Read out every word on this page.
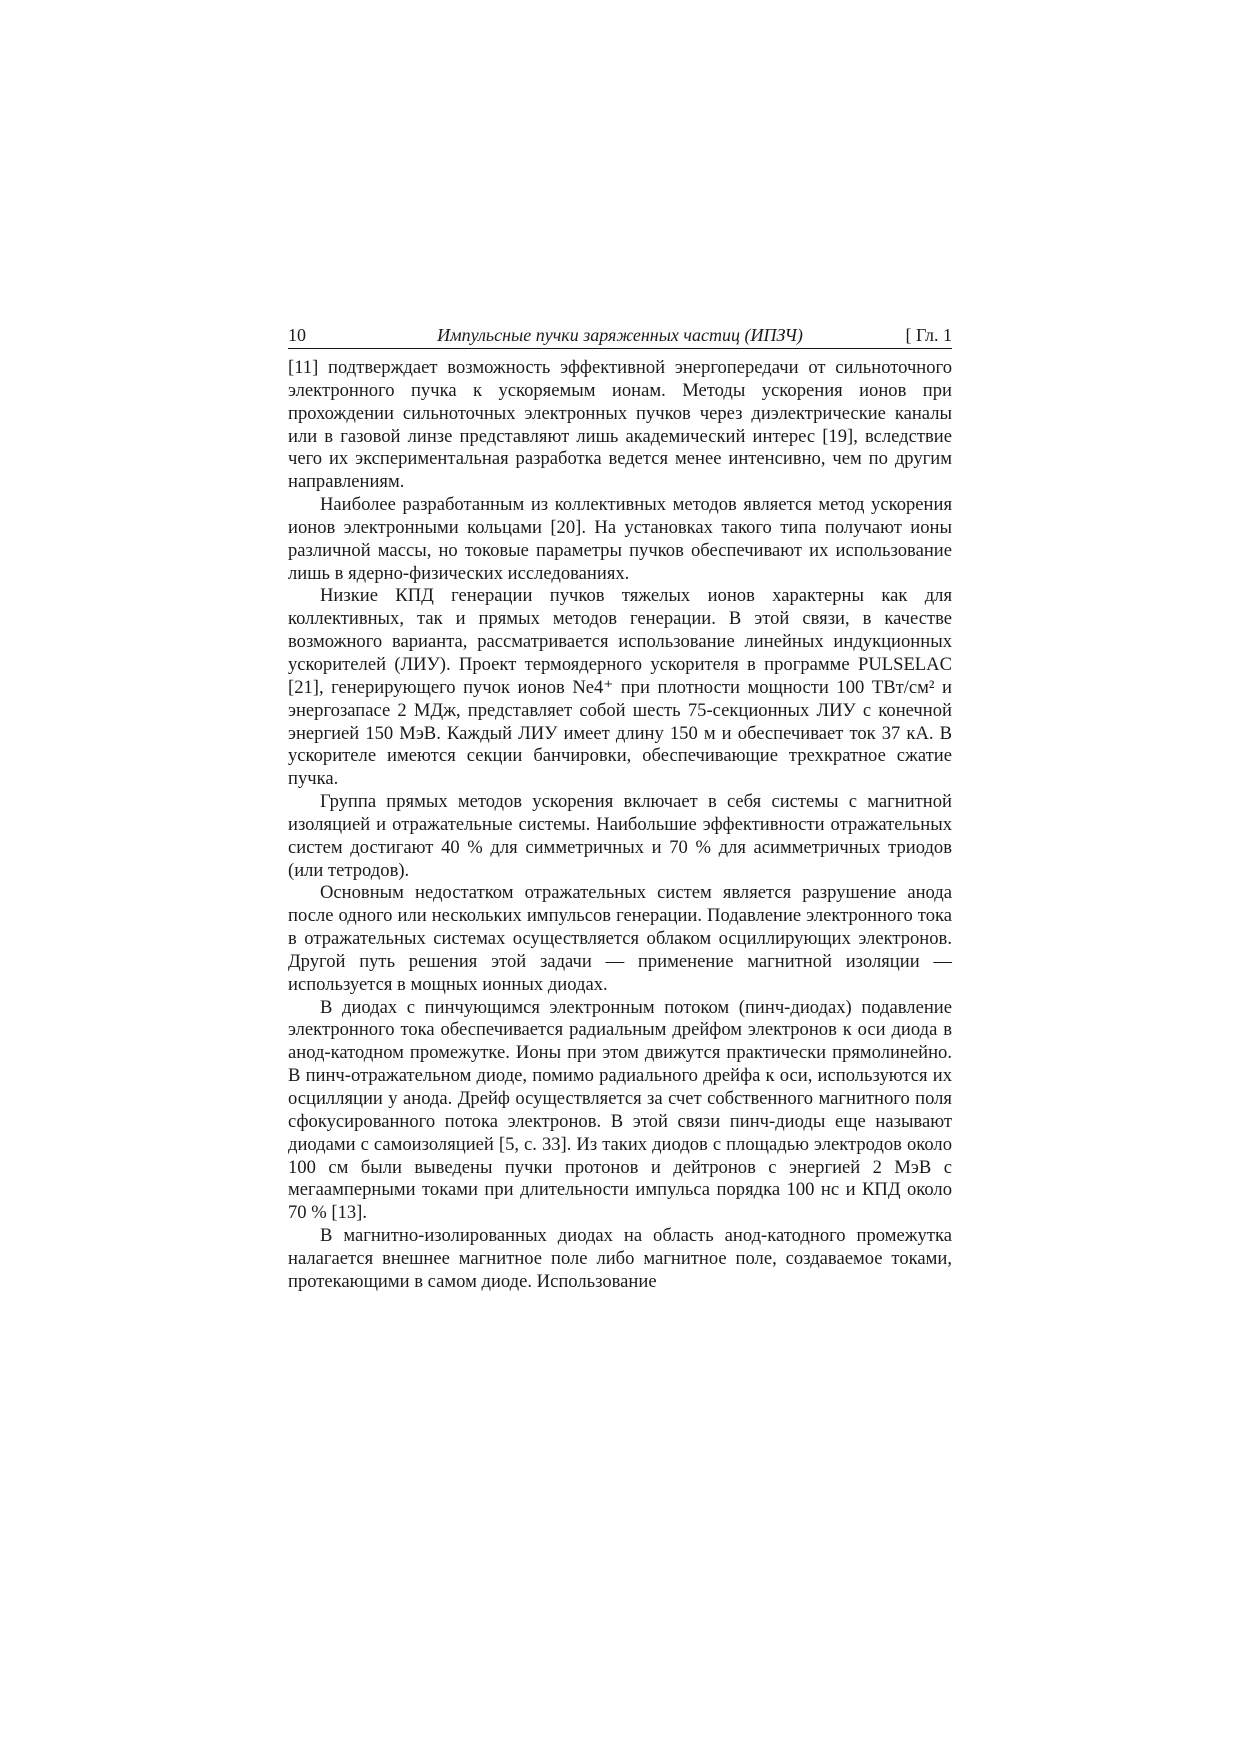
10	Импульсные пучки заряженных частиц (ИПЗЧ)	[ Гл. 1

[11] подтверждает возможность эффективной энергопередачи от сильноточного электронного пучка к ускоряемым ионам. Методы ускорения ионов при прохождении сильноточных электронных пучков через диэлектрические каналы или в газовой линзе представляют лишь академический интерес [19], вследствие чего их экспериментальная разработка ведется менее интенсивно, чем по другим направлениям.

Наиболее разработанным из коллективных методов является метод ускорения ионов электронными кольцами [20]. На установках такого типа получают ионы различной массы, но токовые параметры пучков обеспечивают их использование лишь в ядерно-физических исследованиях.

Низкие КПД генерации пучков тяжелых ионов характерны как для коллективных, так и прямых методов генерации. В этой связи, в качестве возможного варианта, рассматривается использование линейных индукционных ускорителей (ЛИУ). Проект термоядерного ускорителя в программе PULSELAC [21], генерирующего пучок ионов Ne4⁺ при плотности мощности 100 ТВт/см² и энергозапасе 2 МДж, представляет собой шесть 75-секционных ЛИУ с конечной энергией 150 МэВ. Каждый ЛИУ имеет длину 150 м и обеспечивает ток 37 кА. В ускорителе имеются секции банчировки, обеспечивающие трехкратное сжатие пучка.

Группа прямых методов ускорения включает в себя системы с магнитной изоляцией и отражательные системы. Наибольшие эффективности отражательных систем достигают 40 % для симметричных и 70 % для асимметричных триодов (или тетродов).

Основным недостатком отражательных систем является разрушение анода после одного или нескольких импульсов генерации. Подавление электронного тока в отражательных системах осуществляется облаком осциллирующих электронов. Другой путь решения этой задачи — применение магнитной изоляции — используется в мощных ионных диодах.

В диодах с пинчующимся электронным потоком (пинч-диодах) подавление электронного тока обеспечивается радиальным дрейфом электронов к оси диода в анод-катодном промежутке. Ионы при этом движутся практически прямолинейно. В пинч-отражательном диоде, помимо радиального дрейфа к оси, используются их осцилляции у анода. Дрейф осуществляется за счет собственного магнитного поля сфокусированного потока электронов. В этой связи пинч-диоды еще называют диодами с самоизоляцией [5, с. 33]. Из таких диодов с площадью электродов около 100 см были выведены пучки протонов и дейтронов с энергией 2 МэВ с мегаамперными токами при длительности импульса порядка 100 нс и КПД около 70 % [13].

В магнитно-изолированных диодах на область анод-катодного промежутка налагается внешнее магнитное поле либо магнитное поле, создаваемое токами, протекающими в самом диоде. Использование
